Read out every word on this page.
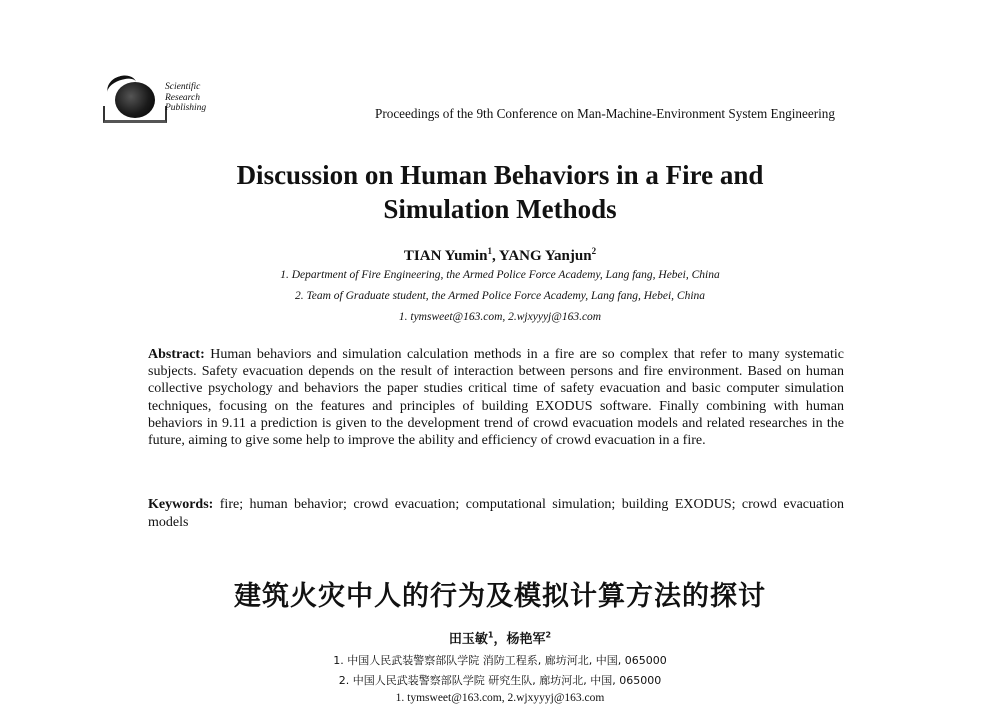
Scientific
Research
Publishing	Proceedings of the 9th Conference on Man-Machine-Environment System Engineering
Discussion on Human Behaviors in a Fire and
Simulation Methods
TIAN Yumin$^1$, YANG Yanjun$^2$
1. Department of Fire Engineering, the Armed Police Force Academy, Lang fang, Hebei, China
2. Team of Graduate student, the Armed Police Force Academy, Lang fang, Hebei, China
1. tymsweet@163.com, 2.wjxyyyj@163.com
Abstract: Human behaviors and simulation calculation methods in a fire are so complex that refer to many systematic subjects. Safety evacuation depends on the result of interaction between persons and fire environment. Based on human collective psychology and behaviors the paper studies critical time of safety evacuation and basic computer simulation techniques, focusing on the features and principles of building EXODUS software. Finally combining with human behaviors in 9.11 a prediction is given to the development trend of crowd evacuation models and related researches in the future, aiming to give some help to improve the ability and efficiency of crowd evacuation in a fire.
Keywords: fire; human behavior; crowd evacuation; computational simulation; building EXODUS; crowd evacuation models
建筑火灾中人的行为及模拟计算方法的探讨
田玉敏$^1$，杨艳军$^2$
1. 中国人民武装警察部队学院 消防工程系, 廊坊河北, 中国, 065000
2. 中国人民武装警察部队学院 研究生队, 廊坊河北, 中国, 065000
1. tymsweet@163.com, 2.wjxyyyj@163.com
